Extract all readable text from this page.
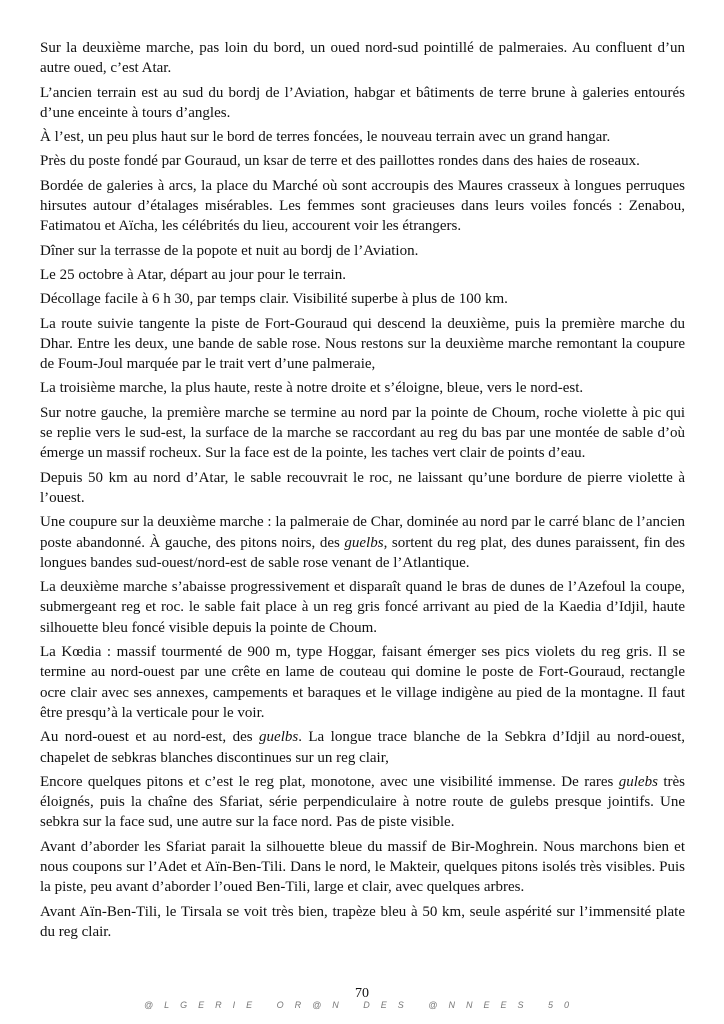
Sur la deuxième marche, pas loin du bord, un oued nord-sud pointillé de palmeraies. Au confluent d’un autre oued, c’est Atar.

L’ancien terrain est au sud du bordj de l’Aviation, habgar et bâtiments de terre brune à galeries entourés d’une enceinte à tours d’angles.

À l’est, un peu plus haut sur le bord de terres foncées, le nouveau terrain avec un grand hangar.

Près du poste fondé par Gouraud, un ksar de terre et des paillottes rondes dans des haies de roseaux.

Bordée de galeries à arcs, la place du Marché où sont accroupis des Maures crasseux à longues perruques hirsutes autour d’étalages misérables. Les femmes sont gracieuses dans leurs voiles foncés : Zenabou, Fatimatou et Aïcha, les célébrités du lieu, accourent voir les étrangers.

Dîner sur la terrasse de la popote et nuit au bordj de l’Aviation.

Le 25 octobre à Atar, départ au jour pour le terrain.

Décollage facile à 6 h 30, par temps clair. Visibilité superbe à plus de 100 km.

La route suivie tangente la piste de Fort-Gouraud qui descend la deuxième, puis la première marche du Dhar. Entre les deux, une bande de sable rose. Nous restons sur la deuxième marche remontant la coupure de Foum-Joul marquée par le trait vert d’une palmeraie,

La troisième marche, la plus haute, reste à notre droite et s’éloigne, bleue, vers le nord-est.

Sur notre gauche, la première marche se termine au nord par la pointe de Choum, roche violette à pic qui se replie vers le sud-est, la surface de la marche se raccordant au reg du bas par une montée de sable d’où émerge un massif rocheux. Sur la face est de la pointe, les taches vert clair de points d’eau.

Depuis 50 km au nord d’Atar, le sable recouvrait le roc, ne laissant qu’une bordure de pierre violette à l’ouest.

Une coupure sur la deuxième marche : la palmeraie de Char, dominée au nord par le carré blanc de l’ancien poste abandonné. À gauche, des pitons noirs, des guelbs, sortent du reg plat, des dunes paraissent, fin des longues bandes sud-ouest/nord-est de sable rose venant de l’Atlantique.

La deuxième marche s’abaisse progressivement et disparaît quand le bras de dunes de l’Azefoul la coupe, submergeant reg et roc. le sable fait place à un reg gris foncé arrivant au pied de la Kaedia d’Idjil, haute silhouette bleu foncé visible depuis la pointe de Choum.

La Kœdia : massif tourmenté de 900 m, type Hoggar, faisant émerger ses pics violets du reg gris. Il se termine au nord-ouest par une crête en lame de couteau qui domine le poste de Fort-Gouraud, rectangle ocre clair avec ses annexes, campements et baraques et le village indigène au pied de la montagne. Il faut être presqu’à la verticale pour le voir.

Au nord-ouest et au nord-est, des guelbs. La longue trace blanche de la Sebkra d’Idjil au nord-ouest, chapelet de sebkras blanches discontinues sur un reg clair,

Encore quelques pitons et c’est le reg plat, monotone, avec une visibilité immense. De rares gulebs très éloignés, puis la chaîne des Sfariat, série perpendiculaire à notre route de gulebs presque jointifs. Une sebkra sur la face sud, une autre sur la face nord. Pas de piste visible.

Avant d’aborder les Sfariat parait la silhouette bleue du massif de Bir-Moghrein. Nous marchons bien et nous coupons sur l’Adet et Aïn-Ben-Tili. Dans le nord, le Makteir, quelques pitons isolés très visibles. Puis la piste, peu avant d’aborder l’oued Ben-Tili, large et clair, avec quelques arbres.

Avant Aïn-Ben-Tili, le Tirsala se voit très bien, trapèze bleu à 50 km, seule aspérité sur l’immensité plate du reg clair.

70
@LGERIE OR@N DES @NNEES 50
